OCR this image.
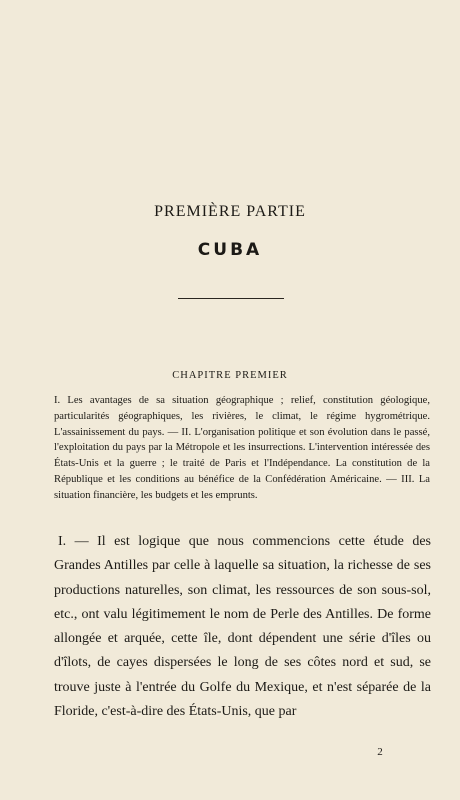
PREMIÈRE PARTIE
CUBA
CHAPITRE PREMIER

I. Les avantages de sa situation géographique ; relief, constitution géologique, particularités géographiques, les rivières, le climat, le régime hygrométrique. L'assainissement du pays. — II. L'organisation politique et son évolution dans le passé, l'exploitation du pays par la Métropole et les insurrections. L'intervention intéressée des États-Unis et la guerre ; le traité de Paris et l'Indépendance. La constitution de la République et les conditions au bénéfice de la Confédération Américaine. — III. La situation financière, les budgets et les emprunts.

I. — Il est logique que nous commencions cette étude des Grandes Antilles par celle à laquelle sa situation, la richesse de ses productions naturelles, son climat, les ressources de son sous-sol, etc., ont valu légitimement le nom de Perle des Antilles. De forme allongée et arquée, cette île, dont dépendent une série d'îles ou d'îlots, de cayes dispersées le long de ses côtes nord et sud, se trouve juste à l'entrée du Golfe du Mexique, et n'est séparée de la Floride, c'est-à-dire des États-Unis, que par

2
